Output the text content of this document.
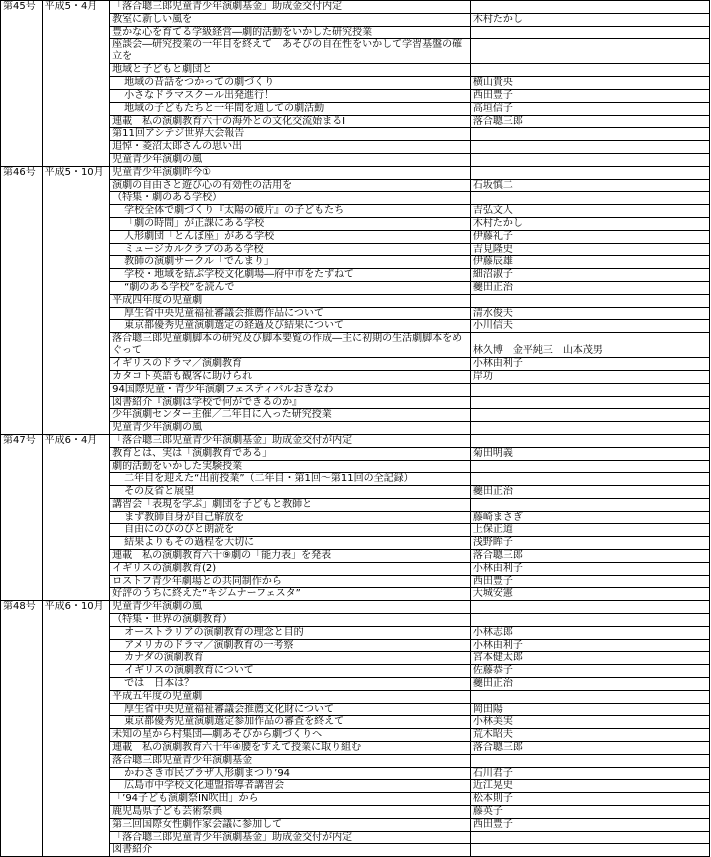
第45号	平成5・4月	「落合聰三郎児童青少年演劇基金」助成金交付内定	
		教室に新しい風を	木村たかし
		豊かな心を育てる学級経営―劇的活動をいかした研究授業	
		座談会―研究授業の一年目を終えて　あそびの自在性をいかして学習基盤の確立を	
		地域と子どもと劇団と	
		地域の昔話をつかっての劇づくり	横山貴央
		小さなドラマスクール出発進行！	西田豊子
		地域の子どもたちと一年間を通しての劇活動	高垣信子
		連載　私の演劇教育六十の海外との文化交流始まるⅠ	落合聰三郎
		第11回アシテジ世界大会報告	
		追悼・菱沼太郎さんの思い出	
		児童青少年演劇の風	
第46号	平成5・10月	児童青少年演劇昨今①	
		演劇の自由さと遊び心の有効性の活用を	石坂慎二
		（特集・劇のある学校）	
		学校全体で劇づくり『太陽の破片』の子どもたち	吉弘文人
		「劇の時間」が正課にある学校	木村たかし
		人形劇団「とんぼ座」がある学校	伊藤礼子
		ミュージカルクラブのある学校	吉見隆史
		教師の演劇サークル「でんまり」	伊藤辰雄
		学校・地域を結ぶ学校文化劇場―府中市をたずねて	細沼淑子
		“劇のある学校”を読んで	虁田正治
		平成四年度の児童劇	
		厚生省中央児童福祉審議会推薦作品について	清水俊夫
		東京都優秀児童演劇選定の経過及び結果について	小川信夫
		落合聰三郎児童劇脚本の研究及び脚本要覧の作成―主に初期の生活劇脚本をめぐって	林久博　金平純三　山本茂男
		イギリスのドラマ／演劇教育	小林由利子
		カタコト英語も観客に助けられ	岸功
		94国際児童・青少年演劇フェスティバルおきなわ	
		図書紹介『演劇は学校で何ができるのか』	
		少年演劇センター主催／二年目に入った研究授業	
		児童青少年演劇の風	
第47号	平成6・4月	「落合聰三郎児童青少年演劇基金」助成金交付が内定	
		教育とは、実は「演劇教育である」	菊田明義
		劇的活動をいかした実験授業	
		二年目を迎えた“出前授業”（二年目・第1回～第11回の全記録）	
		その反省と展望	虁田正治
		講習会「表現を学ぶ」劇団を子どもと教師と	
		まず教師自身が自己解放を	藤崎まさぎ
		自由にのびのびと朗読を	上保正道
		結果よりもその過程を大切に	浅野眸子
		連載　私の演劇教育六十⑨劇の「能力表」を発表	落合聰三郎
		イギリスの演劇教育(2)	小林由利子
		ロストフ青少年劇場との共同制作から	西田豊子
		好評のうちに終えた“キジムナーフェスタ”	大城安憲
第48号	平成6・10月	児童青少年演劇の風	
		（特集・世界の演劇教育）	
		オーストラリアの演劇教育の理念と目的	小林志郎
		アメリカのドラマ／演劇教育の一考察	小林由利子
		カナダの演劇教育	宮本健太郎
		イギリスの演劇教育について	佐藤恭子
		では　日本は？	虁田正治
		平成五年度の児童劇	
		厚生省中央児童福祉審議会推薦文化財について	岡田陽
		東京都優秀児童演劇選定参加作品の審査を終えて	小林美実
		未知の星から村集団―劇あそびから劇づくりへ	荒木昭夫
		連載　私の演劇教育六十年④腰をすえて授業に取り組む	落合聰三郎
		落合聰三郎児童青少年演劇基金	
		かわさき市民プラザ人形劇まつり’94	石川君子
		広島市中学校文化連盟指導者講習会	近江晃史
		「’94子ども演劇祭IN吹田」から	松本則子
		鹿児島県子ども芸術祭典	藤英子
		第三回国際女性劇作家会議に参加して	西田豊子
		「落合聰三郎児童青少年演劇基金」助成金交付が内定	
		図書紹介	
